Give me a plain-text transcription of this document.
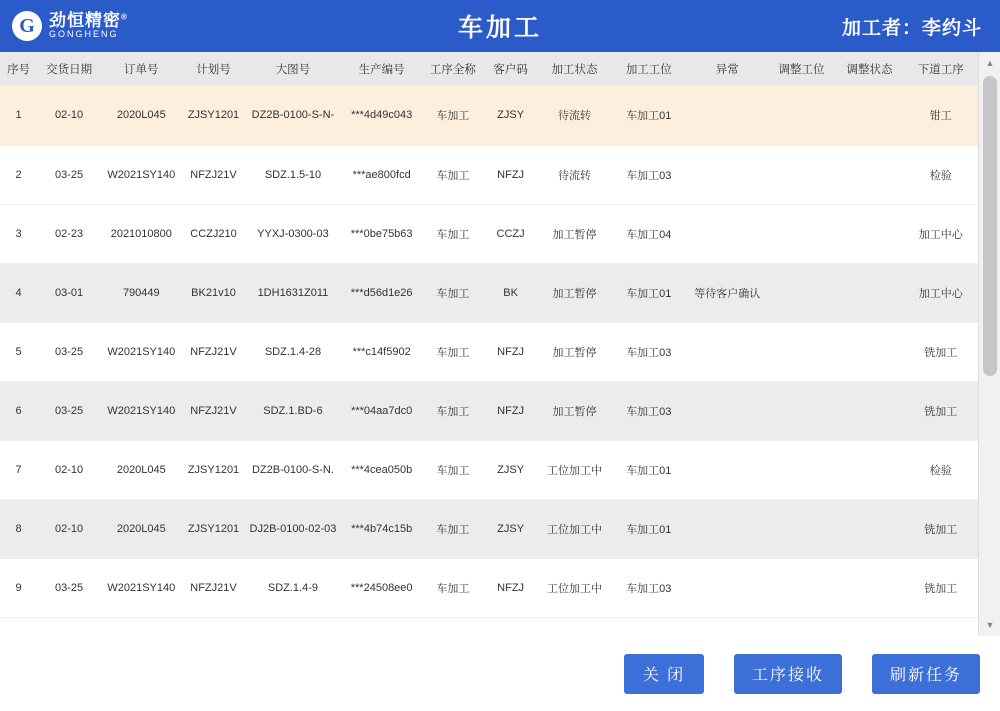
G 劲恒精密®
GONGHENG	车加工	加工者：李约斗
序号	交货日期	订单号	计划号	大图号	生产编号	工序全称	客户码	加工状态	加工工位	异常	调整工位	调整状态	下道工序
1	02-10	2020L045	ZJSY1201	DZ2B-0100-S-N-	***4d49c043	车加工	ZJSY	待流转	车加工01				钳工
2	03-25	W2021SY140	NFZJ21V	SDZ.1.5-10	***ae800fcd	车加工	NFZJ	待流转	车加工03				检验
3	02-23	2021010800	CCZJ210	YYXJ-0300-03	***0be75b63	车加工	CCZJ	加工暂停	车加工04				加工中心
4	03-01	790449	BK21v10	1DH1631Z011	***d56d1e26	车加工	BK	加工暂停	车加工01	等待客户确认			加工中心
5	03-25	W2021SY140	NFZJ21V	SDZ.1.4-28	***c14f5902	车加工	NFZJ	加工暂停	车加工03				铣加工
6	03-25	W2021SY140	NFZJ21V	SDZ.1.BD-6	***04aa7dc0	车加工	NFZJ	加工暂停	车加工03				铣加工
7	02-10	2020L045	ZJSY1201	DZ2B-0100-S-N.	***4cea050b	车加工	ZJSY	工位加工中	车加工01				检验
8	02-10	2020L045	ZJSY1201	DJ2B-0100-02-03	***4b74c15b	车加工	ZJSY	工位加工中	车加工01				铣加工
9	03-25	W2021SY140	NFZJ21V	SDZ.1.4-9	***24508ee0	车加工	NFZJ	工位加工中	车加工03				铣加工
▲
▼
关 闭	工序接收	刷新任务
